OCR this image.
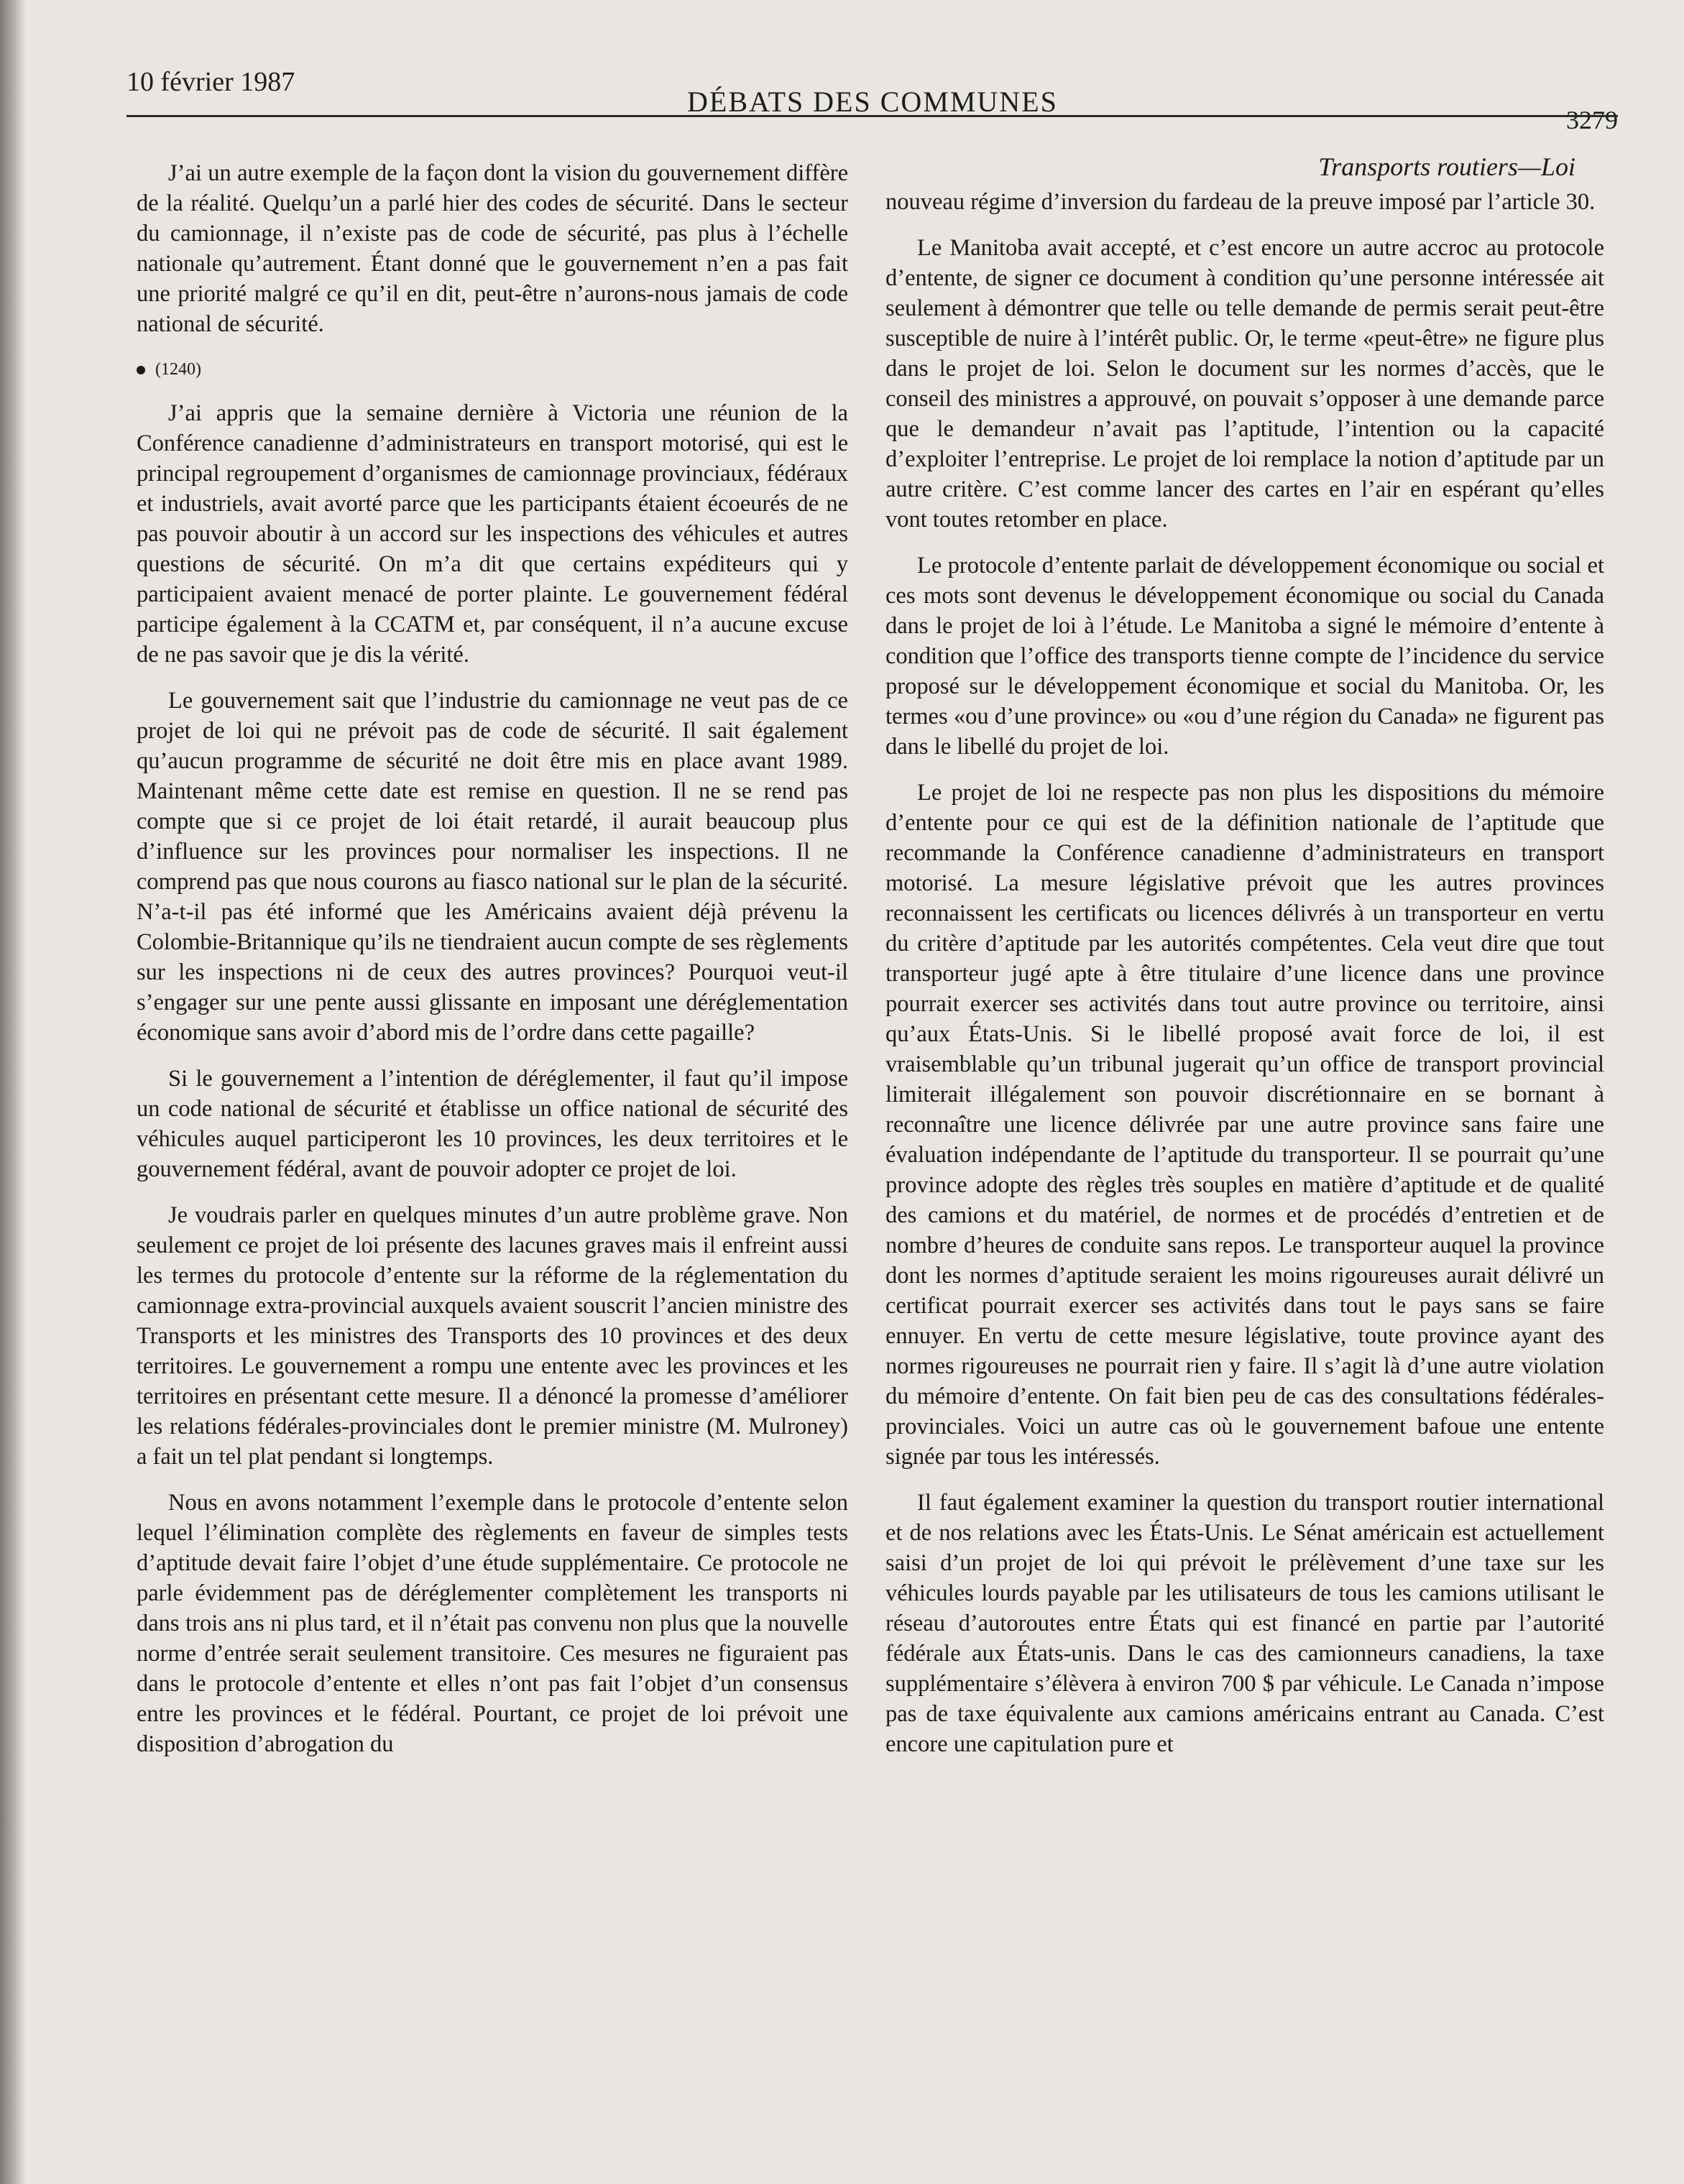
10 février 1987
DÉBATS DES COMMUNES
3279

J’ai un autre exemple de la façon dont la vision du gouvernement diffère de la réalité. Quelqu’un a parlé hier des codes de sécurité. Dans le secteur du camionnage, il n’existe pas de code de sécurité, pas plus à l’échelle nationale qu’autrement. Étant donné que le gouvernement n’en a pas fait une priorité malgré ce qu’il en dit, peut-être n’aurons-nous jamais de code national de sécurité.

(1240)

J’ai appris que la semaine dernière à Victoria une réunion de la Conférence canadienne d’administrateurs en transport motorisé, qui est le principal regroupement d’organismes de camionnage provinciaux, fédéraux et industriels, avait avorté parce que les participants étaient écoeurés de ne pas pouvoir aboutir à un accord sur les inspections des véhicules et autres questions de sécurité. On m’a dit que certains expéditeurs qui y participaient avaient menacé de porter plainte. Le gouvernement fédéral participe également à la CCATM et, par conséquent, il n’a aucune excuse de ne pas savoir que je dis la vérité.

Le gouvernement sait que l’industrie du camionnage ne veut pas de ce projet de loi qui ne prévoit pas de code de sécurité. Il sait également qu’aucun programme de sécurité ne doit être mis en place avant 1989. Maintenant même cette date est remise en question. Il ne se rend pas compte que si ce projet de loi était retardé, il aurait beaucoup plus d’influence sur les provinces pour normaliser les inspections. Il ne comprend pas que nous courons au fiasco national sur le plan de la sécurité. N’a-t-il pas été informé que les Américains avaient déjà prévenu la Colombie-Britannique qu’ils ne tiendraient aucun compte de ses règlements sur les inspections ni de ceux des autres provinces? Pourquoi veut-il s’engager sur une pente aussi glissante en imposant une déréglementation économique sans avoir d’abord mis de l’ordre dans cette pagaille?

Si le gouvernement a l’intention de déréglementer, il faut qu’il impose un code national de sécurité et établisse un office national de sécurité des véhicules auquel participeront les 10 provinces, les deux territoires et le gouvernement fédéral, avant de pouvoir adopter ce projet de loi.

Je voudrais parler en quelques minutes d’un autre problème grave. Non seulement ce projet de loi présente des lacunes graves mais il enfreint aussi les termes du protocole d’entente sur la réforme de la réglementation du camionnage extra-provincial auxquels avaient souscrit l’ancien ministre des Transports et les ministres des Transports des 10 provinces et des deux territoires. Le gouvernement a rompu une entente avec les provinces et les territoires en présentant cette mesure. Il a dénoncé la promesse d’améliorer les relations fédérales-provinciales dont le premier ministre (M. Mulroney) a fait un tel plat pendant si longtemps.

Nous en avons notamment l’exemple dans le protocole d’entente selon lequel l’élimination complète des règlements en faveur de simples tests d’aptitude devait faire l’objet d’une étude supplémentaire. Ce protocole ne parle évidemment pas de déréglementer complètement les transports ni dans trois ans ni plus tard, et il n’était pas convenu non plus que la nouvelle norme d’entrée serait seulement transitoire. Ces mesures ne figuraient pas dans le protocole d’entente et elles n’ont pas fait l’objet d’un consensus entre les provinces et le fédéral. Pourtant, ce projet de loi prévoit une disposition d’abrogation du

Transports routiers—Loi

nouveau régime d’inversion du fardeau de la preuve imposé par l’article 30.

Le Manitoba avait accepté, et c’est encore un autre accroc au protocole d’entente, de signer ce document à condition qu’une personne intéressée ait seulement à démontrer que telle ou telle demande de permis serait peut-être susceptible de nuire à l’intérêt public. Or, le terme «peut-être» ne figure plus dans le projet de loi. Selon le document sur les normes d’accès, que le conseil des ministres a approuvé, on pouvait s’opposer à une demande parce que le demandeur n’avait pas l’aptitude, l’intention ou la capacité d’exploiter l’entreprise. Le projet de loi remplace la notion d’aptitude par un autre critère. C’est comme lancer des cartes en l’air en espérant qu’elles vont toutes retomber en place.

Le protocole d’entente parlait de développement économique ou social et ces mots sont devenus le développement économique ou social du Canada dans le projet de loi à l’étude. Le Manitoba a signé le mémoire d’entente à condition que l’office des transports tienne compte de l’incidence du service proposé sur le développement économique et social du Manitoba. Or, les termes «ou d’une province» ou «ou d’une région du Canada» ne figurent pas dans le libellé du projet de loi.

Le projet de loi ne respecte pas non plus les dispositions du mémoire d’entente pour ce qui est de la définition nationale de l’aptitude que recommande la Conférence canadienne d’administrateurs en transport motorisé. La mesure législative prévoit que les autres provinces reconnaissent les certificats ou licences délivrés à un transporteur en vertu du critère d’aptitude par les autorités compétentes. Cela veut dire que tout transporteur jugé apte à être titulaire d’une licence dans une province pourrait exercer ses activités dans tout autre province ou territoire, ainsi qu’aux États-Unis. Si le libellé proposé avait force de loi, il est vraisemblable qu’un tribunal jugerait qu’un office de transport provincial limiterait illégalement son pouvoir discrétionnaire en se bornant à reconnaître une licence délivrée par une autre province sans faire une évaluation indépendante de l’aptitude du transporteur. Il se pourrait qu’une province adopte des règles très souples en matière d’aptitude et de qualité des camions et du matériel, de normes et de procédés d’entretien et de nombre d’heures de conduite sans repos. Le transporteur auquel la province dont les normes d’aptitude seraient les moins rigoureuses aurait délivré un certificat pourrait exercer ses activités dans tout le pays sans se faire ennuyer. En vertu de cette mesure législative, toute province ayant des normes rigoureuses ne pourrait rien y faire. Il s’agit là d’une autre violation du mémoire d’entente. On fait bien peu de cas des consultations fédérales-provinciales. Voici un autre cas où le gouvernement bafoue une entente signée par tous les intéressés.

Il faut également examiner la question du transport routier international et de nos relations avec les États-Unis. Le Sénat américain est actuellement saisi d’un projet de loi qui prévoit le prélèvement d’une taxe sur les véhicules lourds payable par les utilisateurs de tous les camions utilisant le réseau d’autoroutes entre États qui est financé en partie par l’autorité fédérale aux États-unis. Dans le cas des camionneurs canadiens, la taxe supplémentaire s’élèvera à environ 700 $ par véhicule. Le Canada n’impose pas de taxe équivalente aux camions américains entrant au Canada. C’est encore une capitulation pure et
